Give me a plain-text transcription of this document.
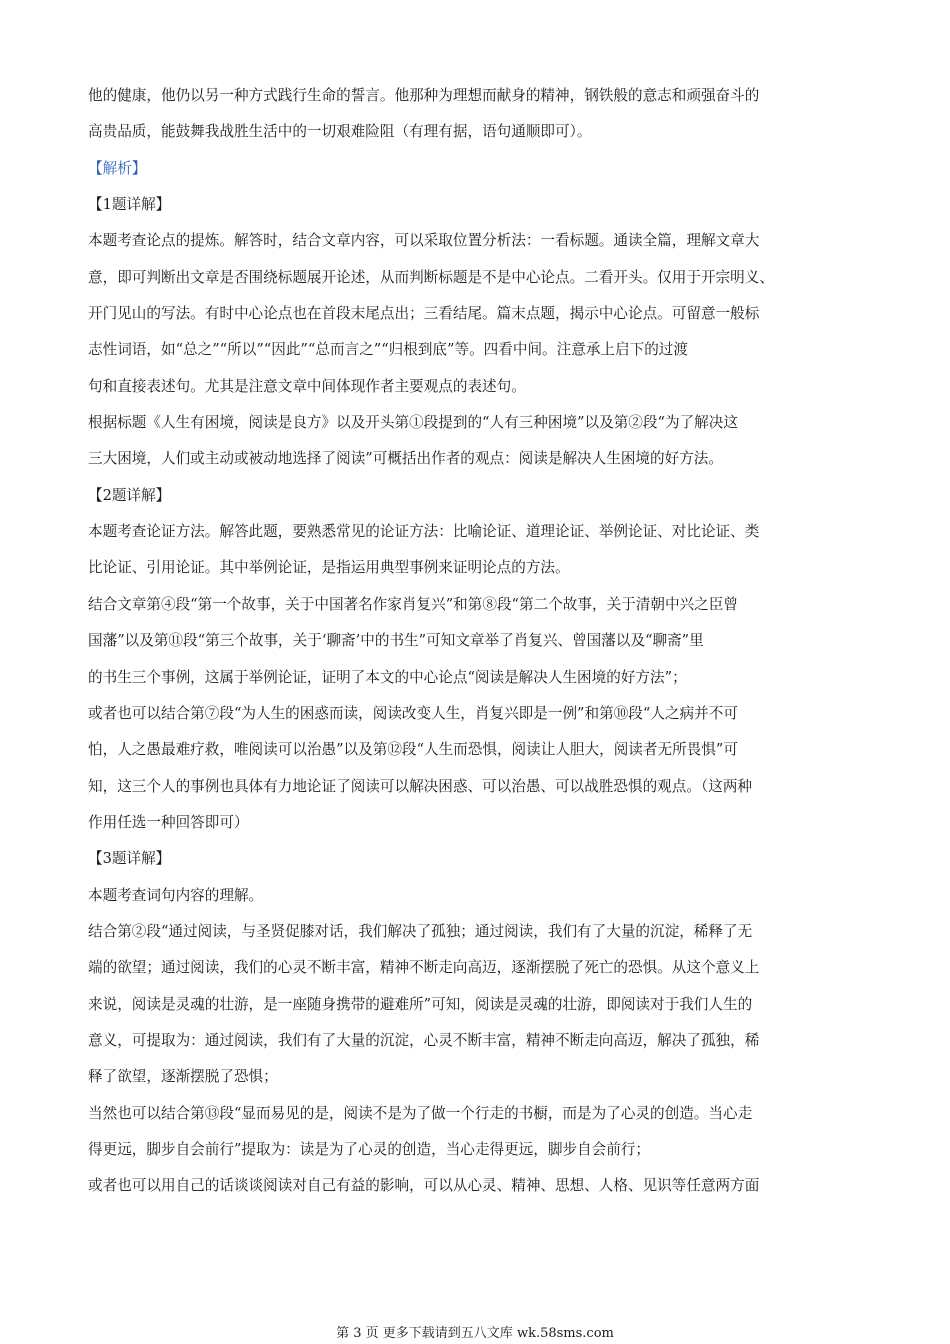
他的健康，他仍以另一种方式践行生命的誓言。他那种为理想而献身的精神，钢铁般的意志和顽强奋斗的
高贵品质，能鼓舞我战胜生活中的一切艰难险阻（有理有据，语句通顺即可）。
【解析】
【1题详解】
本题考查论点的提炼。解答时，结合文章内容，可以采取位置分析法：一看标题。通读全篇，理解文章大
意，即可判断出文章是否围绕标题展开论述，从而判断标题是不是中心论点。二看开头。仅用于开宗明义、
开门见山的写法。有时中心论点也在首段末尾点出；三看结尾。篇末点题，揭示中心论点。可留意一般标
志性词语，如“总之”“所以”“因此”“总而言之”“归根到底”等。四看中间。注意承上启下的过渡
句和直接表述句。尤其是注意文章中间体现作者主要观点的表述句。
根据标题《人生有困境，阅读是良方》以及开头第①段提到的“人有三种困境”以及第②段“为了解决这
三大困境，人们或主动或被动地选择了阅读”可概括出作者的观点：阅读是解决人生困境的好方法。
【2题详解】
本题考查论证方法。解答此题，要熟悉常见的论证方法：比喻论证、道理论证、举例论证、对比论证、类
比论证、引用论证。其中举例论证，是指运用典型事例来证明论点的方法。
结合文章第④段“第一个故事，关于中国著名作家肖复兴”和第⑧段“第二个故事，关于清朝中兴之臣曾
国藩”以及第⑪段“第三个故事，关于‘聊斋’中的书生”可知文章举了肖复兴、曾国藩以及“聊斋”里
的书生三个事例，这属于举例论证，证明了本文的中心论点“阅读是解决人生困境的好方法”；
或者也可以结合第⑦段“为人生的困惑而读，阅读改变人生，肖复兴即是一例”和第⑩段“人之病并不可
怕，人之愚最难疗救，唯阅读可以治愚”以及第⑫段“人生而恐惧，阅读让人胆大，阅读者无所畏惧”可
知，这三个人的事例也具体有力地论证了阅读可以解决困惑、可以治愚、可以战胜恐惧的观点。（这两种
作用任选一种回答即可）
【3题详解】
本题考查词句内容的理解。
结合第②段“通过阅读，与圣贤促膝对话，我们解决了孤独；通过阅读，我们有了大量的沉淀，稀释了无
端的欲望；通过阅读，我们的心灵不断丰富，精神不断走向高迈，逐渐摆脱了死亡的恐惧。从这个意义上
来说，阅读是灵魂的壮游，是一座随身携带的避难所”可知，阅读是灵魂的壮游，即阅读对于我们人生的
意义，可提取为：通过阅读，我们有了大量的沉淀，心灵不断丰富，精神不断走向高迈，解决了孤独，稀
释了欲望，逐渐摆脱了恐惧；
当然也可以结合第⑬段“显而易见的是，阅读不是为了做一个行走的书橱，而是为了心灵的创造。当心走
得更远，脚步自会前行”提取为：读是为了心灵的创造，当心走得更远，脚步自会前行；
或者也可以用自己的话谈谈阅读对自己有益的影响，可以从心灵、精神、思想、人格、见识等任意两方面
第 3 页 更多下载请到五八文库 wk.58sms.com
